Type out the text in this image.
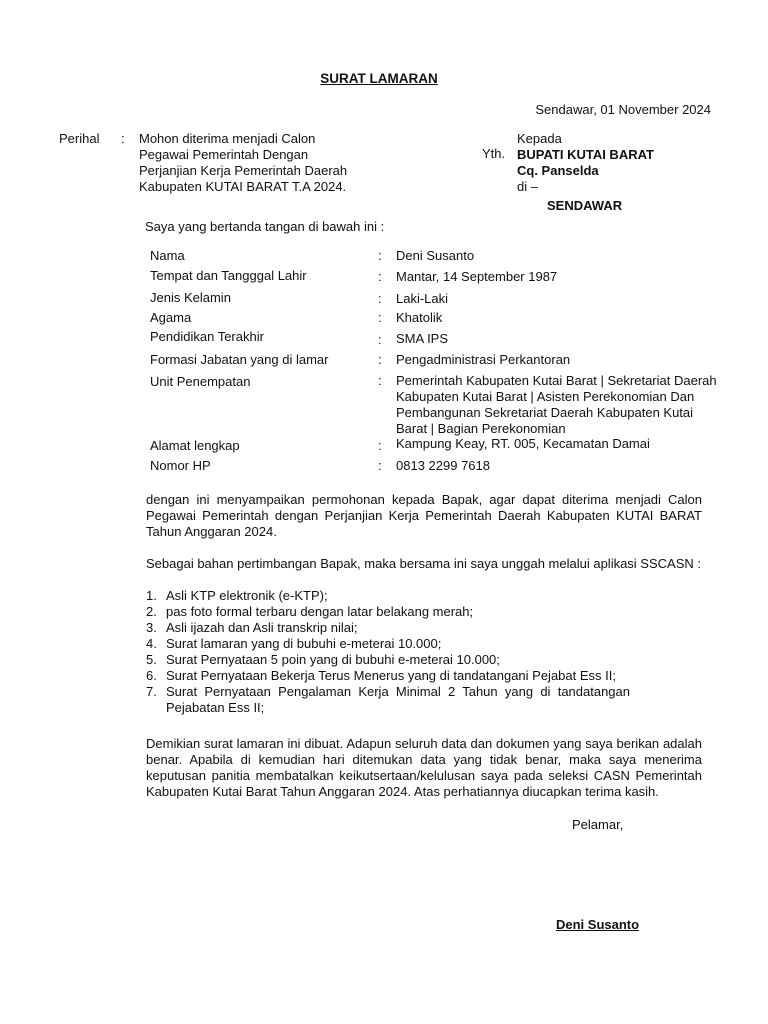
SURAT LAMARAN
Sendawar, 01 November 2024
Perihal : Mohon diterima menjadi Calon
Pegawai Pemerintah Dengan
Perjanjian Kerja Pemerintah Daerah
Kabupaten KUTAI BARAT T.A 2024.
Yth.
Kepada
BUPATI KUTAI BARAT
Cq. Panselda
di –
SENDAWAR
Saya yang bertanda tangan di bawah ini :
Nama	: Deni Susanto
Tempat dan Tangggal Lahir	: Mantar, 14 September 1987
Jenis Kelamin	: Laki-Laki
Agama	: Khatolik
Pendidikan Terakhir	: SMA IPS
Formasi Jabatan yang di lamar	: Pengadministrasi Perkantoran
Unit Penempatan	: Pemerintah Kabupaten Kutai Barat | Sekretariat Daerah Kabupaten Kutai Barat | Asisten Perekonomian Dan Pembangunan Sekretariat Daerah Kabupaten Kutai Barat | Bagian Perekonomian
Alamat lengkap	: Kampung Keay, RT. 005, Kecamatan Damai
Nomor HP	: 0813 2299 7618
dengan ini menyampaikan permohonan kepada Bapak, agar dapat diterima menjadi Calon Pegawai Pemerintah dengan Perjanjian Kerja Pemerintah Daerah Kabupaten KUTAI BARAT Tahun Anggaran 2024.
Sebagai bahan pertimbangan Bapak, maka bersama ini saya unggah melalui aplikasi SSCASN :
1. Asli KTP elektronik (e-KTP);
2. pas foto formal terbaru dengan latar belakang merah;
3. Asli ijazah dan Asli transkrip nilai;
4. Surat lamaran yang di bubuhi e-meterai 10.000;
5. Surat Pernyataan 5 poin yang di bubuhi e-meterai 10.000;
6. Surat Pernyataan Bekerja Terus Menerus yang di tandatangani Pejabat Ess II;
7. Surat Pernyataan Pengalaman Kerja Minimal 2 Tahun yang di tandatangan Pejabatan Ess II;
Demikian surat lamaran ini dibuat. Adapun seluruh data dan dokumen yang saya berikan adalah benar. Apabila di kemudian hari ditemukan data yang tidak benar, maka saya menerima keputusan panitia membatalkan keikutsertaan/kelulusan saya pada seleksi CASN Pemerintah Kabupaten Kutai Barat Tahun Anggaran 2024. Atas perhatiannya diucapkan terima kasih.
Pelamar,
Deni Susanto
